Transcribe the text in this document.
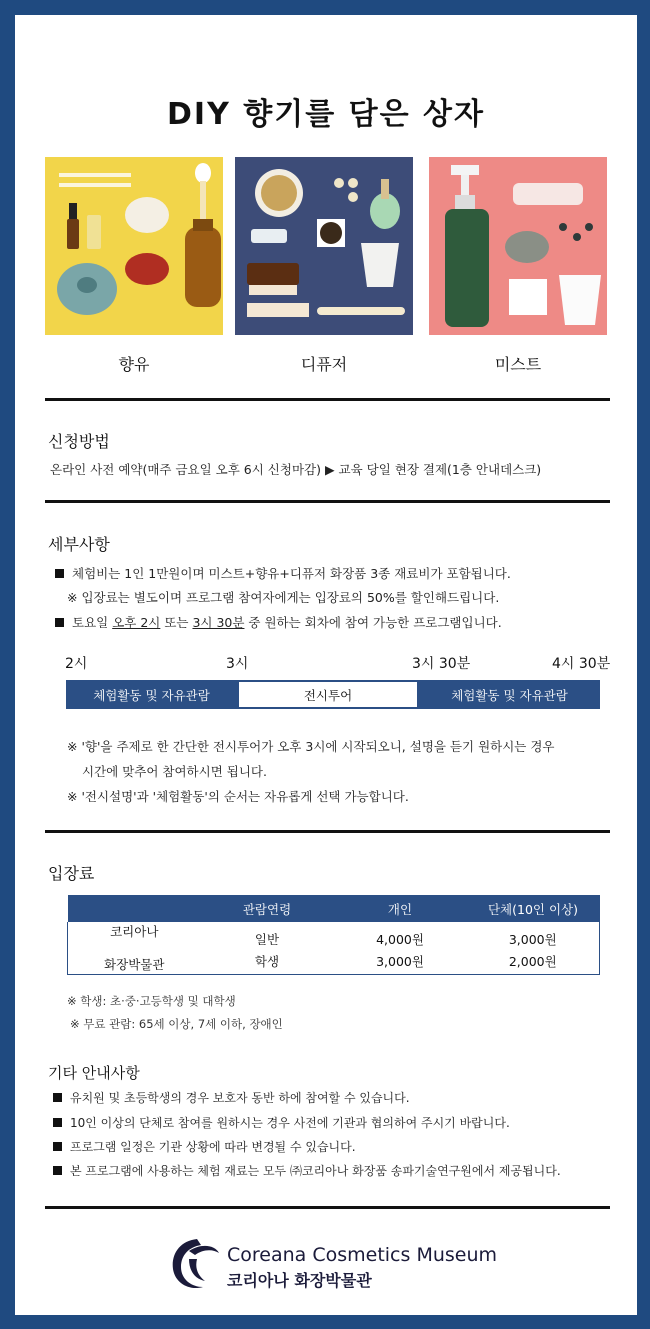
DIY 향기를 담은 상자
향유	디퓨저	미스트
신청방법
온라인 사전 예약(매주 금요일 오후 6시 신청마감) ▶ 교육 당일 현장 결제(1층 안내데스크)
세부사항
체험비는 1인 1만원이며 미스트+향유+디퓨저 화장품 3종 재료비가 포함됩니다.
※ 입장료는 별도이며 프로그램 참여자에게는 입장료의 50%를 할인해드립니다.
토요일 오후 2시 또는 3시 30분 중 원하는 회차에 참여 가능한 프로그램입니다.
2시	3시	3시 30분	4시 30분
체험활동 및 자유관람	전시투어	체험활동 및 자유관람
※ '향'을 주제로 한 간단한 전시투어가 오후 3시에 시작되오니, 설명을 듣기 원하시는 경우
시간에 맞추어 참여하시면 됩니다.
※ '전시설명'과 '체험활동'의 순서는 자유롭게 선택 가능합니다.
입장료
	관람연령	개인	단체(10인 이상)
코리아나

화장박물관	일반	4,000원	3,000원
	학생	3,000원	2,000원
※ 학생: 초·중·고등학생 및 대학생
※ 무료 관람: 65세 이상, 7세 이하, 장애인
기타 안내사항
유치원 및 초등학생의 경우 보호자 동반 하에 참여할 수 있습니다.
10인 이상의 단체로 참여를 원하시는 경우 사전에 기관과 협의하여 주시기 바랍니다.
프로그램 일정은 기관 상황에 따라 변경될 수 있습니다.
본 프로그램에 사용하는 체험 재료는 모두 ㈜코리아나 화장품 송파기술연구원에서 제공됩니다.
Coreana Cosmetics Museum
코리아나 화장박물관
